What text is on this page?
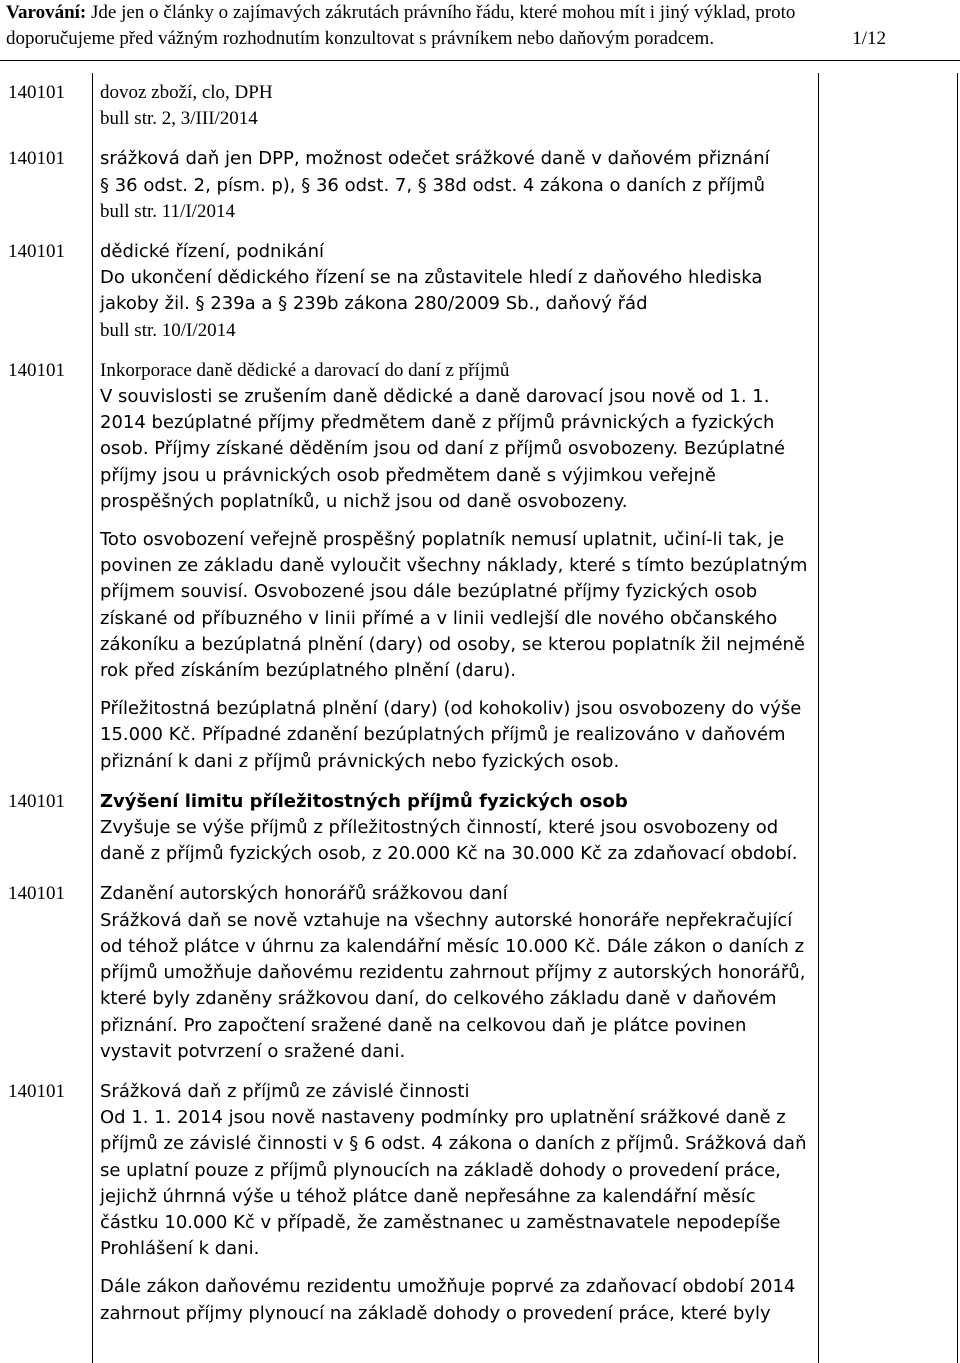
Varování: Jde jen o články o zajímavých zákrutách právního řádu, které mohou mít i jiný výklad, proto doporučujeme před vážným rozhodnutím konzultovat s právníkem nebo daňovým poradcem.	1/12
140101 dovoz zboží, clo, DPH

bull str. 2, 3/III/2014

140101 srážková daň jen DPP, možnost odečet srážkové daně v daňovém přiznání

§ 36 odst. 2, písm. p), § 36 odst. 7, § 38d odst. 4 zákona o daních z příjmů

bull str. 11/I/2014

140101 dědické řízení, podnikání

Do ukončení dědického řízení se na zůstavitele hledí z daňového hlediska jakoby žil. § 239a a § 239b zákona 280/2009 Sb., daňový řád

bull str. 10/I/2014

140101 Inkorporace daně dědické a darovací do daní z příjmů

V souvislosti se zrušením daně dědické a daně darovací jsou nově od 1. 1. 2014 bezúplatné příjmy předmětem daně z příjmů právnických a fyzických osob. Příjmy získané děděním jsou od daní z příjmů osvobozeny. Bezúplatné příjmy jsou u právnických osob předmětem daně s výjimkou veřejně prospěšných poplatníků, u nichž jsou od daně osvobozeny.

Toto osvobození veřejně prospěšný poplatník nemusí uplatnit, učiní-li tak, je povinen ze základu daně vyloučit všechny náklady, které s tímto bezúplatným příjmem souvisí. Osvobozené jsou dále bezúplatné příjmy fyzických osob získané od příbuzného v linii přímé a v linii vedlejší dle nového občanského zákoníku a bezúplatná plnění (dary) od osoby, se kterou poplatník žil nejméně rok před získáním bezúplatného plnění (daru).

Příležitostná bezúplatná plnění (dary) (od kohokoliv) jsou osvobozeny do výše 15.000 Kč. Případné zdanění bezúplatných příjmů je realizováno v daňovém přiznání k dani z příjmů právnických nebo fyzických osob.

140101 Zvýšení limitu příležitostných příjmů fyzických osob

Zvyšuje se výše příjmů z příležitostných činností, které jsou osvobozeny od daně z příjmů fyzických osob, z 20.000 Kč na 30.000 Kč za zdaňovací období.

140101 Zdanění autorských honorářů srážkovou daní

Srážková daň se nově vztahuje na všechny autorské honoráře nepřekračující od téhož plátce v úhrnu za kalendářní měsíc 10.000 Kč. Dále zákon o daních z příjmů umožňuje daňovému rezidentu zahrnout příjmy z autorských honorářů, které byly zdaněny srážkovou daní, do celkového základu daně v daňovém přiznání. Pro započtení sražené daně na celkovou daň je plátce povinen vystavit potvrzení o sražené dani.

140101 Srážková daň z příjmů ze závislé činnosti

Od 1. 1. 2014 jsou nově nastaveny podmínky pro uplatnění srážkové daně z příjmů ze závislé činnosti v § 6 odst. 4 zákona o daních z příjmů. Srážková daň se uplatní pouze z příjmů plynoucích na základě dohody o provedení práce, jejichž úhrnná výše u téhož plátce daně nepřesáhne za kalendářní měsíc částku 10.000 Kč v případě, že zaměstnanec u zaměstnavatele nepodepíše Prohlášení k dani.

Dále zákon daňovému rezidentu umožňuje poprvé za zdaňovací období 2014 zahrnout příjmy plynoucí na základě dohody o provedení práce, které byly
